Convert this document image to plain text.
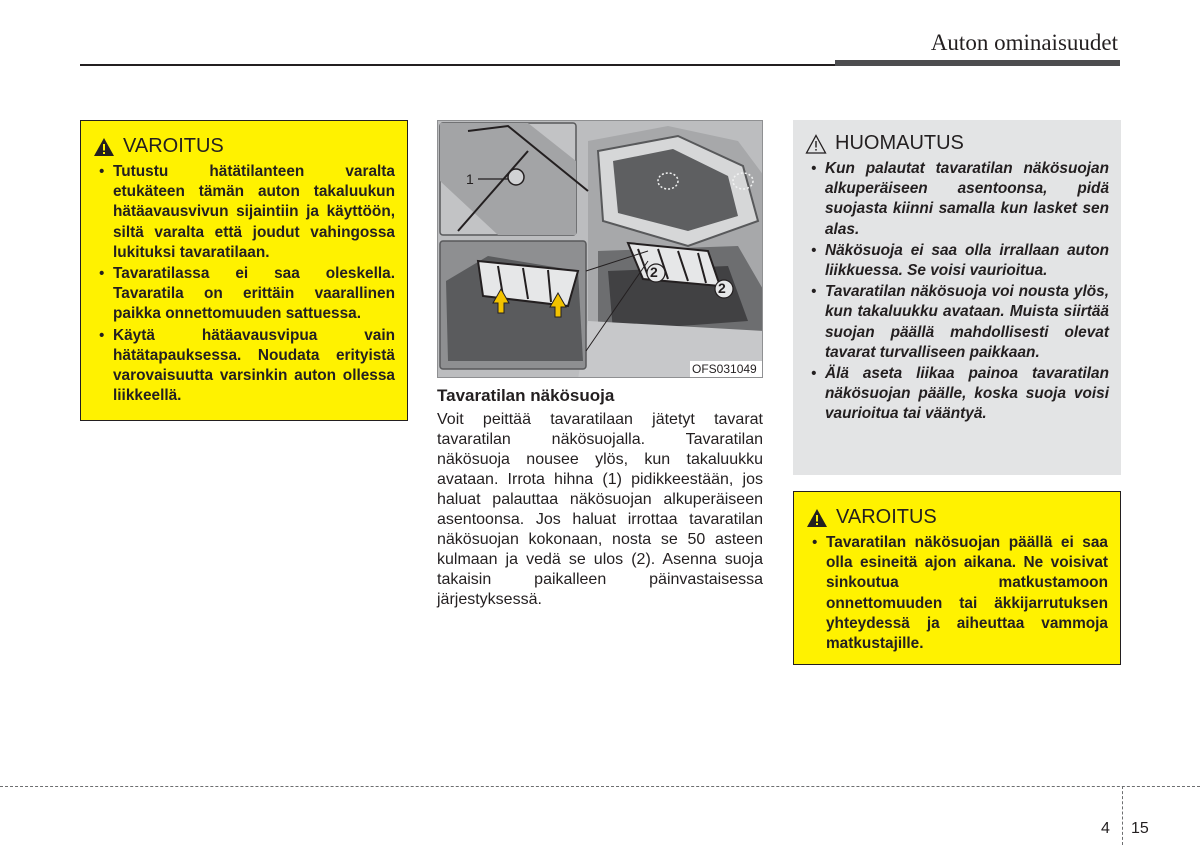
Auton ominaisuudet
VAROITUS
• Tutustu hätätilanteen varalta etukäteen tämän auton takaluukun hätäavausvivun sijaintiin ja käyttöön, siltä varalta että joudut vahingossa lukituksi tavaratilaan.
• Tavaratilassa ei saa oleskella. Tavaratila on erittäin vaarallinen paikka onnettomuuden sattuessa.
• Käytä hätäavausvipua vain hätätapauksessa. Noudata erityistä varovaisuutta varsinkin auton ollessa liikkeellä.
1
2
2
OFS031049
Tavaratilan näkösuoja
Voit peittää tavaratilaan jätetyt tavarat tavaratilan näkösuojalla. Tavaratilan näkösuoja nousee ylös, kun takaluukku avataan. Irrota hihna (1) pidikkeestään, jos haluat palauttaa näkösuojan alkuperäiseen asentoonsa. Jos haluat irrottaa tavaratilan näkösuojan kokonaan, nosta se 50 asteen kulmaan ja vedä se ulos (2). Asenna suoja takaisin paikalleen päinvastaisessa järjestyksessä.
HUOMAUTUS
• Kun palautat tavaratilan näkösuojan alkuperäiseen asentoonsa, pidä suojasta kiinni samalla kun lasket sen alas.
• Näkösuoja ei saa olla irrallaan auton liikkuessa. Se voisi vaurioitua.
• Tavaratilan näkösuoja voi nousta ylös, kun takaluukku avataan. Muista siirtää suojan päällä mahdollisesti olevat tavarat turvalliseen paikkaan.
• Älä aseta liikaa painoa tavaratilan näkösuojan päälle, koska suoja voisi vaurioitua tai vääntyä.
VAROITUS
• Tavaratilan näkösuojan päällä ei saa olla esineitä ajon aikana. Ne voisivat sinkoutua matkustamoon onnettomuuden tai äkkijarrutuksen yhteydessä ja aiheuttaa vammoja matkustajille.
4 15
